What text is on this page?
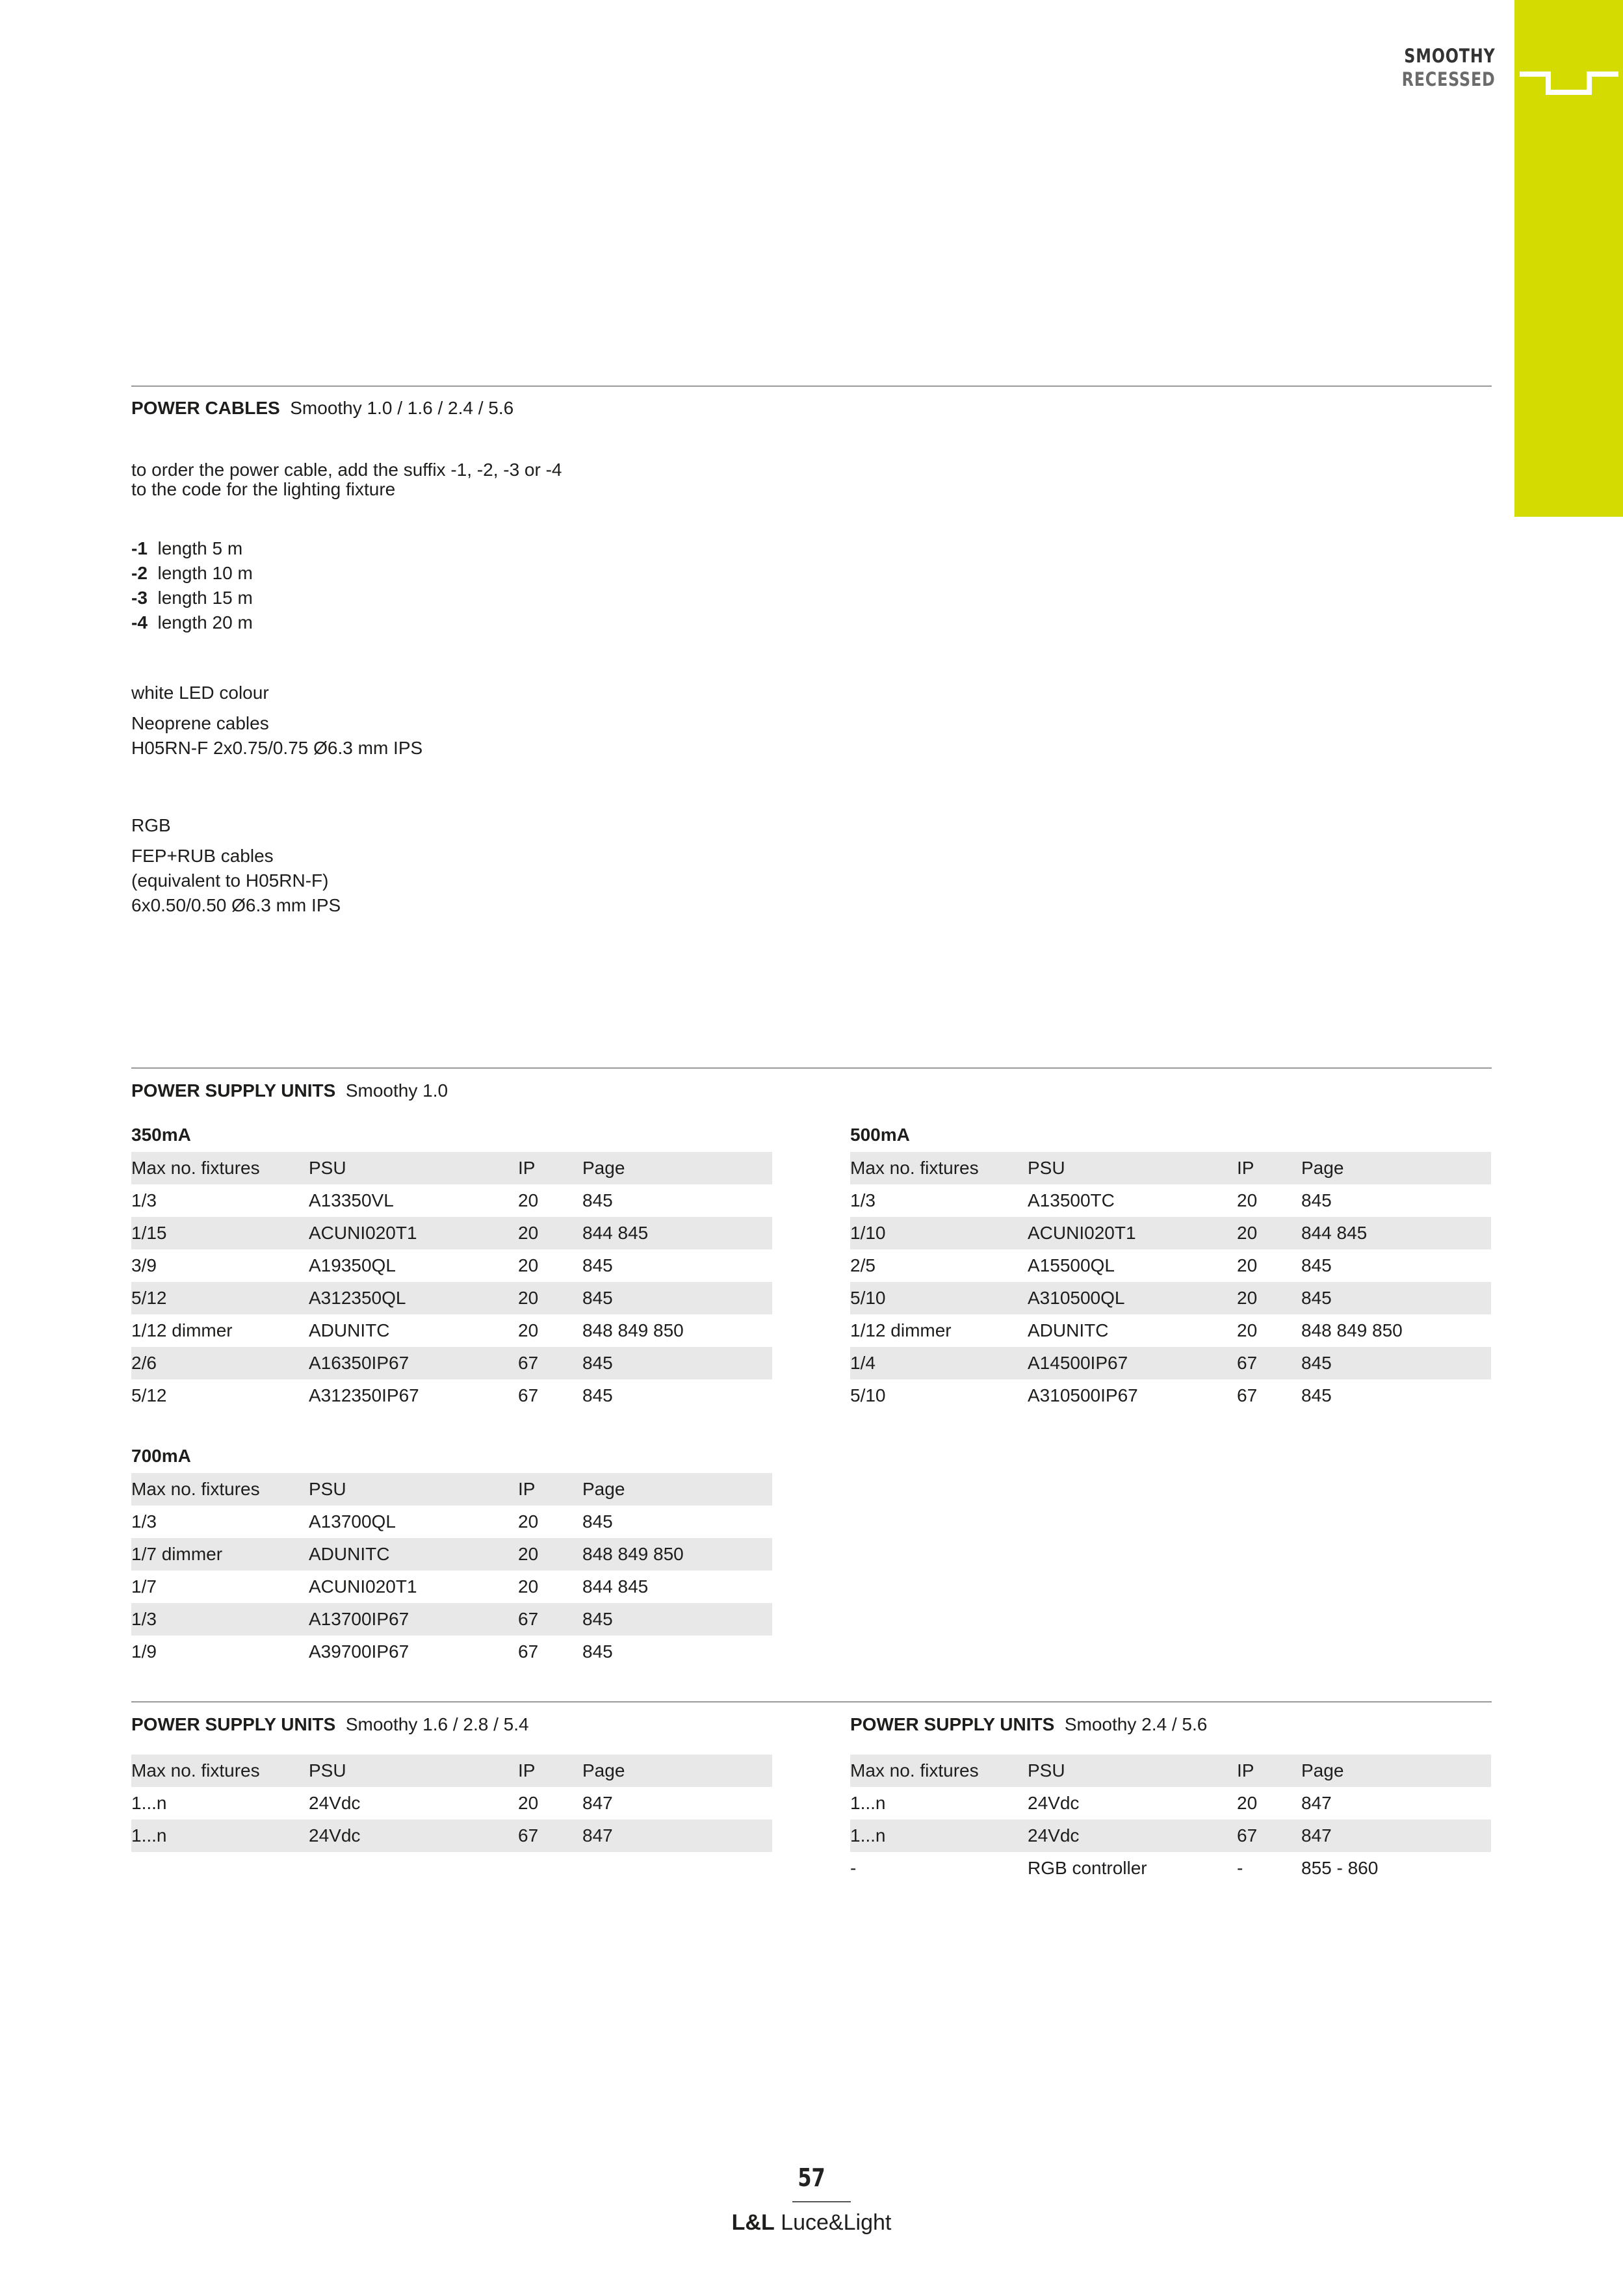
SMOOTHY
RECESSED
POWER CABLES Smoothy 1.0 / 1.6 / 2.4 / 5.6
to order the power cable, add the suffix -1, -2, -3 or -4
to the code for the lighting fixture
-1 length 5 m
-2 length 10 m
-3 length 15 m
-4 length 20 m
white LED colour
Neoprene cables
H05RN-F 2x0.75/0.75 Ø6.3 mm IPS
RGB
FEP+RUB cables
(equivalent to H05RN-F)
6x0.50/0.50 Ø6.3 mm IPS
POWER SUPPLY UNITS Smoothy 1.0
350mA
Max no. fixtures	PSU	IP	Page
1/3	A13350VL	20	845
1/15	ACUNI020T1	20	844 845
3/9	A19350QL	20	845
5/12	A312350QL	20	845
1/12 dimmer	ADUNITC	20	848 849 850
2/6	A16350IP67	67	845
5/12	A312350IP67	67	845
500mA
Max no. fixtures	PSU	IP	Page
1/3	A13500TC	20	845
1/10	ACUNI020T1	20	844 845
2/5	A15500QL	20	845
5/10	A310500QL	20	845
1/12 dimmer	ADUNITC	20	848 849 850
1/4	A14500IP67	67	845
5/10	A310500IP67	67	845
700mA
Max no. fixtures	PSU	IP	Page
1/3	A13700QL	20	845
1/7 dimmer	ADUNITC	20	848 849 850
1/7	ACUNI020T1	20	844 845
1/3	A13700IP67	67	845
1/9	A39700IP67	67	845
POWER SUPPLY UNITS Smoothy 1.6 / 2.8 / 5.4
Max no. fixtures	PSU	IP	Page
1...n	24Vdc	20	847
1...n	24Vdc	67	847
POWER SUPPLY UNITS Smoothy 2.4 / 5.6
Max no. fixtures	PSU	IP	Page
1...n	24Vdc	20	847
1...n	24Vdc	67	847
-	RGB controller	-	855 - 860
57
L&L Luce&Light
